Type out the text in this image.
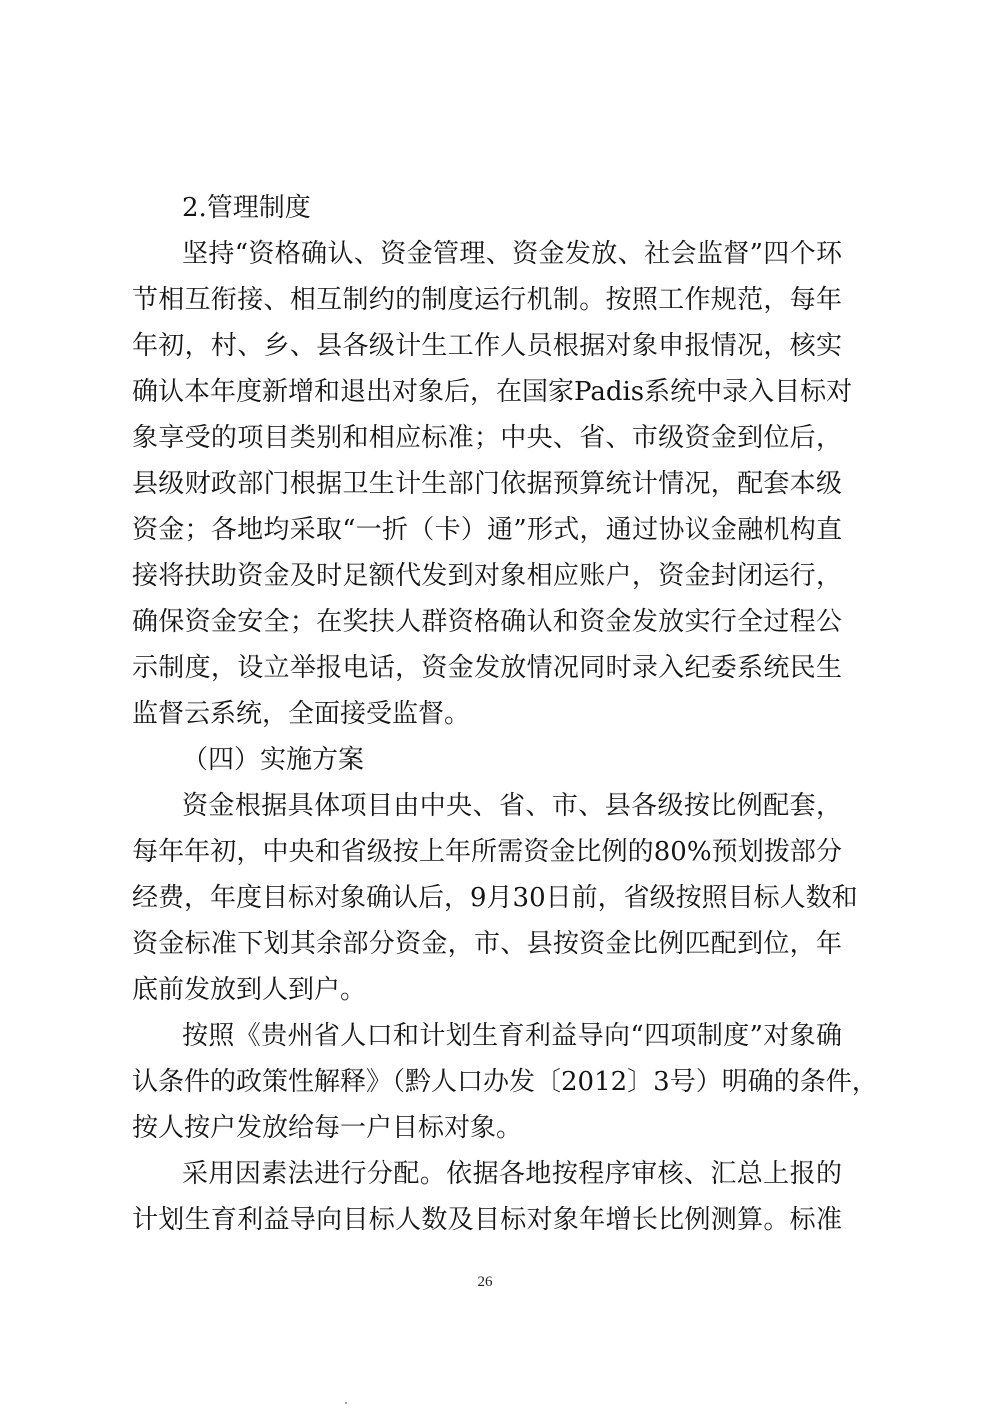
2.管理制度
坚持“资格确认、资金管理、资金发放、社会监督”四个环
节相互衔接、相互制约的制度运行机制。按照工作规范，每年
年初，村、乡、县各级计生工作人员根据对象申报情况，核实
确认本年度新增和退出对象后，在国家Padis系统中录入目标对
象享受的项目类别和相应标准；中央、省、市级资金到位后，
县级财政部门根据卫生计生部门依据预算统计情况，配套本级
资金；各地均采取“一折（卡）通”形式，通过协议金融机构直
接将扶助资金及时足额代发到对象相应账户，资金封闭运行，
确保资金安全；在奖扶人群资格确认和资金发放实行全过程公
示制度，设立举报电话，资金发放情况同时录入纪委系统民生
监督云系统，全面接受监督。
（四）实施方案
资金根据具体项目由中央、省、市、县各级按比例配套，
每年年初，中央和省级按上年所需资金比例的80%预划拨部分
经费，年度目标对象确认后，9月30日前，省级按照目标人数和
资金标准下划其余部分资金，市、县按资金比例匹配到位，年
底前发放到人到户。
按照《贵州省人口和计划生育利益导向“四项制度”对象确
认条件的政策性解释》（黔人口办发〔2012〕3号）明确的条件，
按人按户发放给每一户目标对象。
采用因素法进行分配。依据各地按程序审核、汇总上报的
计划生育利益导向目标人数及目标对象年增长比例测算。标准
26
